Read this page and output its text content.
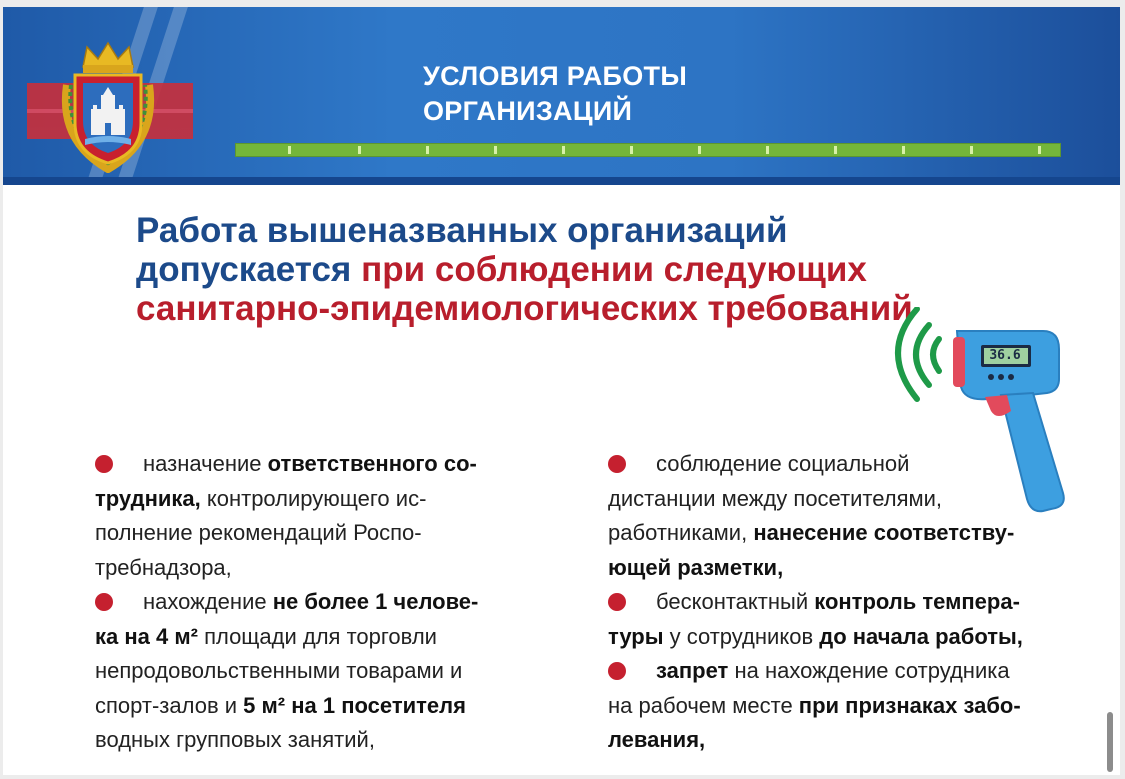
УСЛОВИЯ РАБОТЫ
ОРГАНИЗАЦИЙ
Работа вышеназванных организаций допускается при соблюдении следующих санитарно-эпидемиологических требований
36.6
назначение ответственного со-
трудника, контролирующего ис-
полнение рекомендаций Роспо-
требнадзора,
нахождение не более 1 челове-
ка на 4 м² площади для торговли
непродовольственными товарами и
спорт-залов и 5 м² на 1 посетителя
водных групповых занятий,
соблюдение социальной
дистанции между посетителями,
работниками, нанесение соответству-
ющей разметки,
бесконтактный контроль темпера-
туры у сотрудников до начала работы,
запрет на нахождение сотрудника
на рабочем месте при признаках забо-
левания,
